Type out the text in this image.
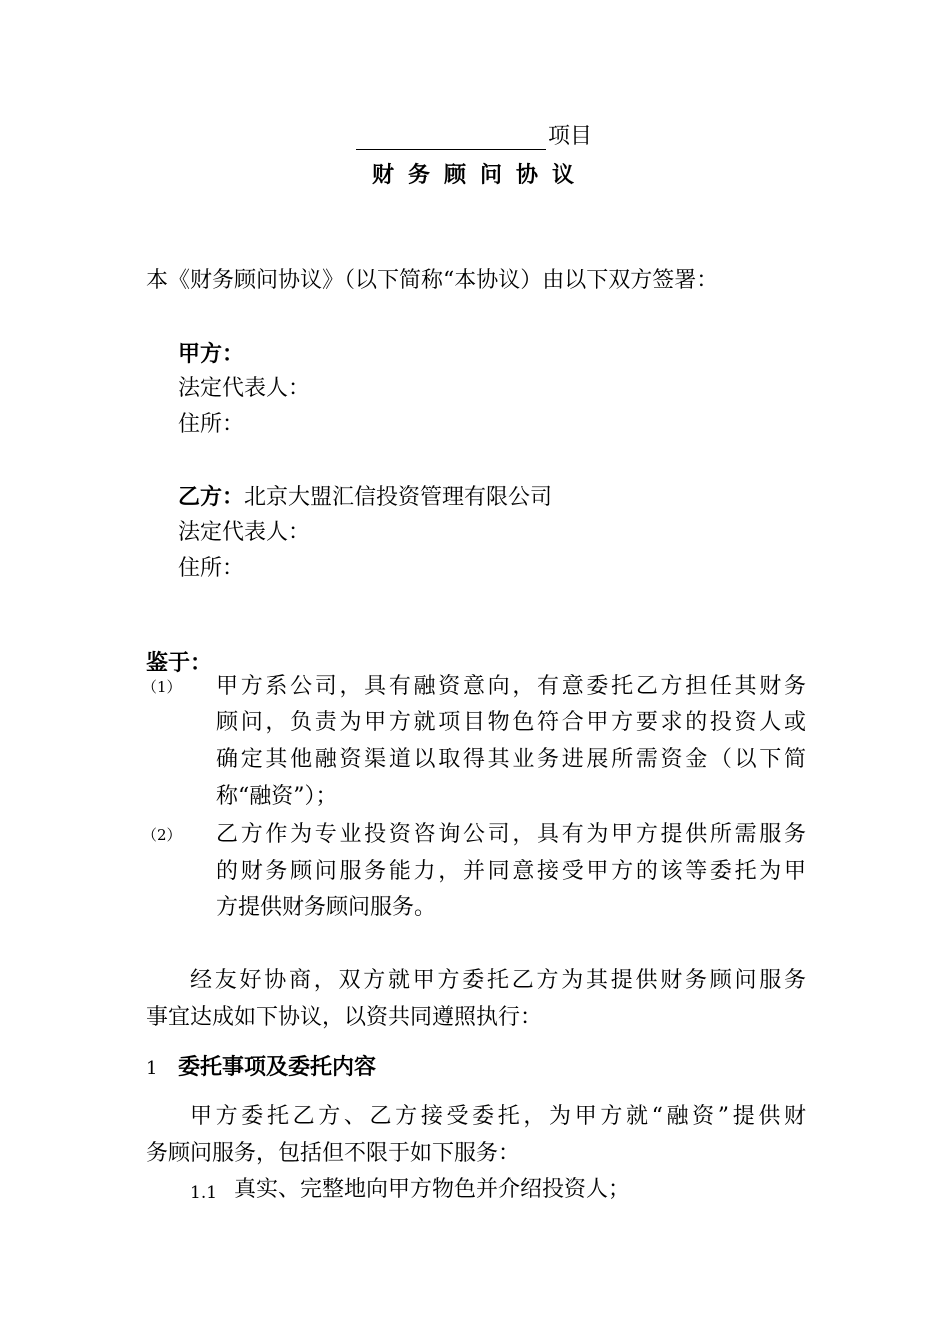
项目
财务顾问协议
本《财务顾问协议》（以下简称“本协议）由以下双方签署：
甲方：
法定代表人：
住所：
乙方：北京大盟汇信投资管理有限公司
法定代表人：
住所：
鉴于：
（1） 甲方系公司，具有融资意向，有意委托乙方担任其财务
顾问，负责为甲方就项目物色符合甲方要求的投资人或
确定其他融资渠道以取得其业务进展所需资金（以下简
称“融资”）；
（2） 乙方作为专业投资咨询公司，具有为甲方提供所需服务
的财务顾问服务能力，并同意接受甲方的该等委托为甲
方提供财务顾问服务。
经友好协商，双方就甲方委托乙方为其提供财务顾问服务
事宜达成如下协议，以资共同遵照执行：
1 委托事项及委托内容
甲方委托乙方、乙方接受委托，为甲方就“融资”提供财
务顾问服务，包括但不限于如下服务：
1.1 真实、完整地向甲方物色并介绍投资人；
